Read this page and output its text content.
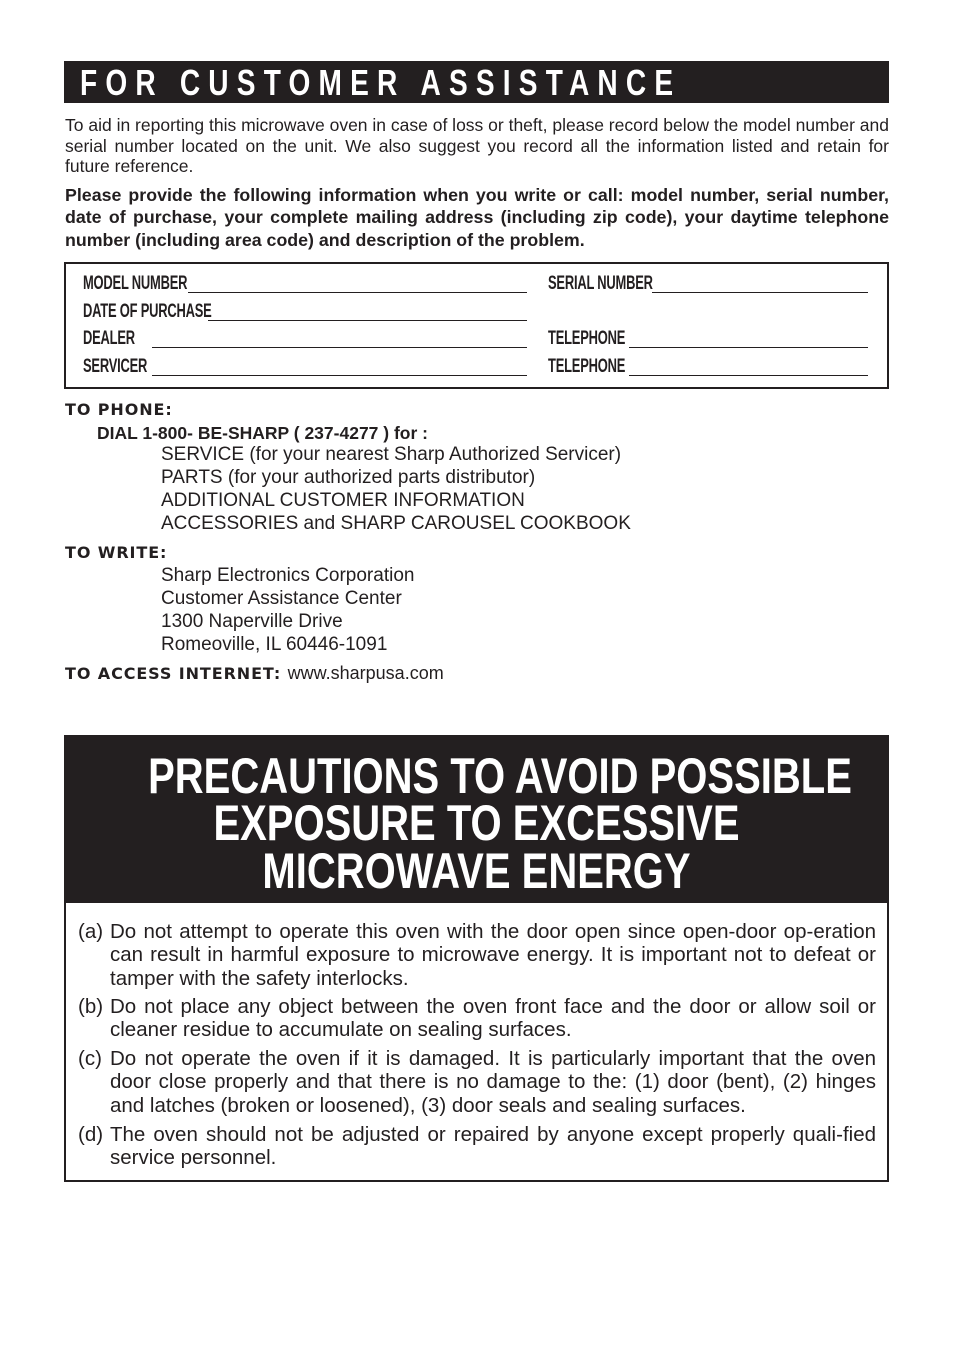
FOR CUSTOMER ASSISTANCE

To aid in reporting this microwave oven in case of loss or theft, please record below the model number and serial number located on the unit. We also suggest you record all the information listed and retain for future reference.

Please provide the following information when you write or call: model number, serial number, date of purchase, your complete mailing address (including zip code), your daytime telephone number (including area code) and description of the problem.

MODEL NUMBER	SERIAL NUMBER
DATE OF PURCHASE
DEALER	TELEPHONE
SERVICER	TELEPHONE
TO PHONE:
DIAL 1-800- BE-SHARP ( 237-4277 ) for :
SERVICE (for your nearest Sharp Authorized Servicer)
PARTS (for your authorized parts distributor)
ADDITIONAL CUSTOMER INFORMATION
ACCESSORIES and SHARP CAROUSEL COOKBOOK
TO WRITE:
Sharp Electronics Corporation
Customer Assistance Center
1300 Naperville Drive
Romeoville, IL 60446-1091
TO ACCESS INTERNET: www.sharpusa.com
PRECAUTIONS TO AVOID POSSIBLE
EXPOSURE TO EXCESSIVE
MICROWAVE ENERGY
(a) Do not attempt to operate this oven with the door open since open-door op-eration can result in harmful exposure to microwave energy. It is important not to defeat or tamper with the safety interlocks.
(b) Do not place any object between the oven front face and the door or allow soil or cleaner residue to accumulate on sealing surfaces.
(c) Do not operate the oven if it is damaged. It is particularly important that the oven door close properly and that there is no damage to the: (1) door (bent), (2) hinges and latches (broken or loosened), (3) door seals and sealing surfaces.
(d) The oven should not be adjusted or repaired by anyone except properly quali-fied service personnel.
